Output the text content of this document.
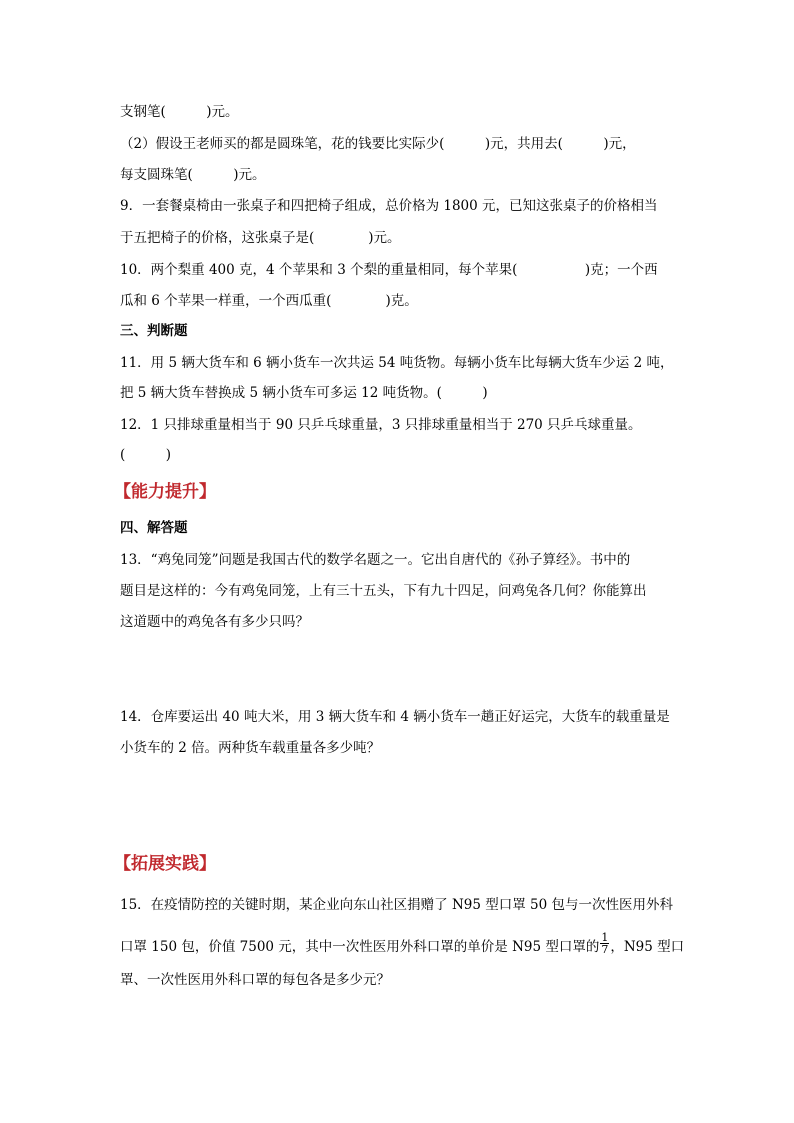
支钢笔(　　　)元。
（2）假设王老师买的都是圆珠笔，花的钱要比实际少(　　　)元，共用去(　　　)元，
每支圆珠笔(　　　)元。
9．一套餐桌椅由一张桌子和四把椅子组成，总价格为 1800 元，已知这张桌子的价格相当
于五把椅子的价格，这张桌子是(　　　　)元。
10．两个梨重 400 克，4 个苹果和 3 个梨的重量相同，每个苹果(　　　　　)克；一个西
瓜和 6 个苹果一样重，一个西瓜重(　　　　)克。
三、判断题
11．用 5 辆大货车和 6 辆小货车一次共运 54 吨货物。每辆小货车比每辆大货车少运 2 吨，
把 5 辆大货车替换成 5 辆小货车可多运 12 吨货物。(　　　)
12．1 只排球重量相当于 90 只乒乓球重量，3 只排球重量相当于 270 只乒乓球重量。
(　　　)
【能力提升】
四、解答题
13．“鸡兔同笼”问题是我国古代的数学名题之一。它出自唐代的《孙子算经》。书中的
题目是这样的：今有鸡兔同笼，上有三十五头，下有九十四足，问鸡兔各几何？你能算出
这道题中的鸡兔各有多少只吗？
14．仓库要运出 40 吨大米，用 3 辆大货车和 4 辆小货车一趟正好运完，大货车的载重量是
小货车的 2 倍。两种货车载重量各多少吨？
【拓展实践】
15．在疫情防控的关键时期，某企业向东山社区捐赠了 N95 型口罩 50 包与一次性医用外科
口罩 150 包，价值 7500 元，其中一次性医用外科口罩的单价是 N95 型口罩的 $\frac{1}{7}$ ，N95 型口
罩、一次性医用外科口罩的每包各是多少元？
